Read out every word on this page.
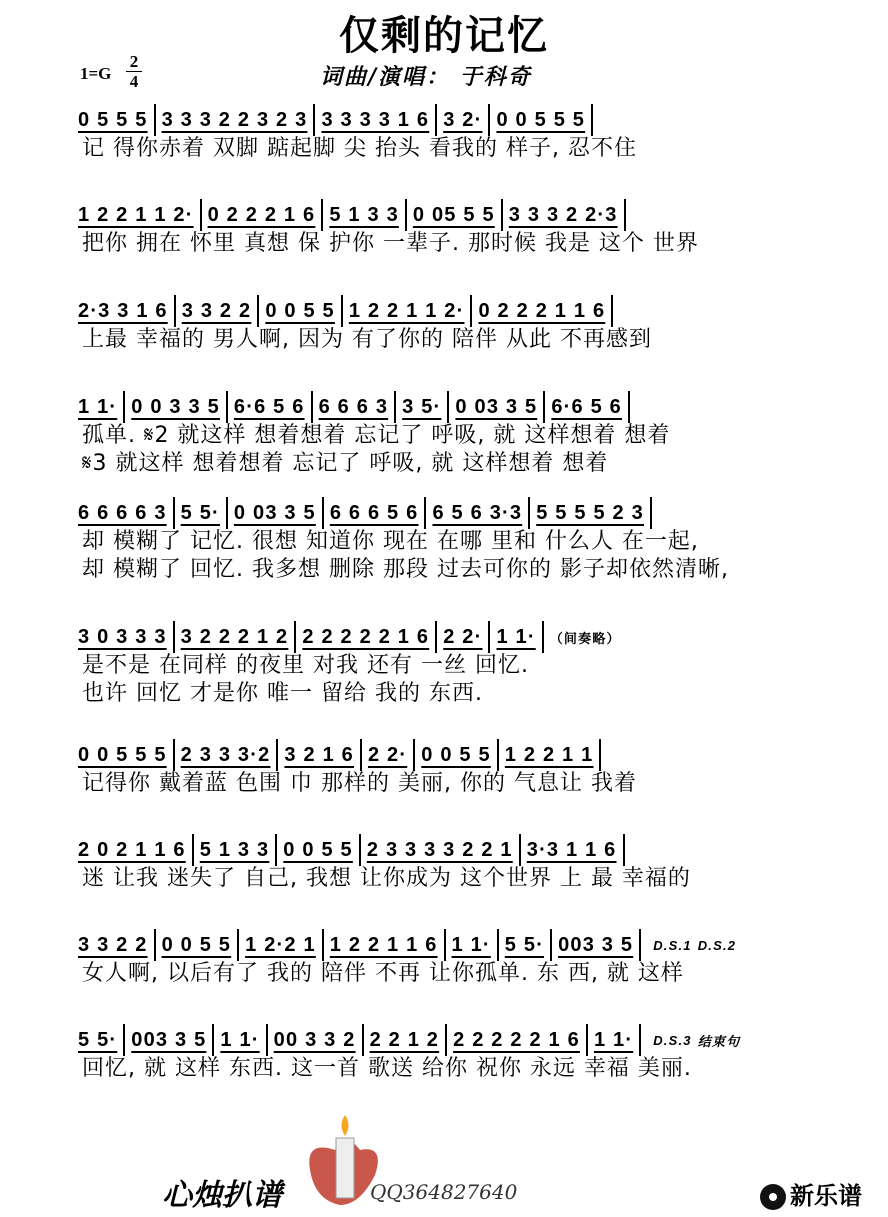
仅剩的记忆
1=G
2
4	词曲/演唱： 于科奇
0 5 5 5 3 3 3 2 2 3 2 3 3 3 3 3 1 6 3 2· 0 0 5 5 5
记 得你赤着 双脚 踮起脚 尖 抬头 看我的 样子, 忍不住
1 2 2 1 1 2· 0 2 2 2 1 6 5 1 3 3 0 05 5 5 3 3 3 2 2·3
把你 拥在 怀里 真想 保 护你 一辈子. 那时候 我是 这个 世界
2·3 3 1 6 3 3 2 2 0 0 5 5 1 2 2 1 1 2· 0 2 2 2 1 1 6
上最 幸福的 男人啊, 因为 有了你的 陪伴 从此 不再感到
1 1· 0 0 3 3 5 6·6 5 6 6 6 6 3 3 5· 0 03 3 5 6·6 5 6
孤单. 𝄋2 就这样 想着想着 忘记了 呼吸, 就 这样想着 想着
𝄋3 就这样 想着想着 忘记了 呼吸, 就 这样想着 想着
6 6 6 6 3 5 5· 0 03 3 5 6 6 6 5 6 6 5 6 3·3 5 5 5 5 2 3
却 模糊了 记忆. 很想 知道你 现在 在哪 里和 什么人 在一起,
却 模糊了 回忆. 我多想 删除 那段 过去可你的 影子却依然清晰,
3 0 3 3 3 3 2 2 2 1 2 2 2 2 2 2 1 6 2 2· 1 1· （间奏略）
是不是 在同样 的夜里 对我 还有 一丝 回忆.
也许 回忆 才是你 唯一 留给 我的 东西.
0 0 5 5 5 2 3 3 3·2 3 2 1 6 2 2· 0 0 5 5 1 2 2 1 1
记得你 戴着蓝 色围 巾 那样的 美丽, 你的 气息让 我着
2 0 2 1 1 6 5 1 3 3 0 0 5 5 2 3 3 3 3 2 2 1 3·3 1 1 6
迷 让我 迷失了 自己, 我想 让你成为 这个世界 上 最 幸福的
3 3 2 2 0 0 5 5 1 2·2 1 1 2 2 1 1 6 1 1· 5 5· 003 3 5 D.S.1 D.S.2
女人啊, 以后有了 我的 陪伴 不再 让你孤单. 东 西, 就 这样
5 5· 003 3 5 1 1· 00 3 3 2 2 2 1 2 2 2 2 2 2 1 6 1 1· D.S.3 结束句
回忆, 就 这样 东西. 这一首 歌送 给你 祝你 永远 幸福 美丽.
心烛扒谱	QQ364827640	新乐谱
